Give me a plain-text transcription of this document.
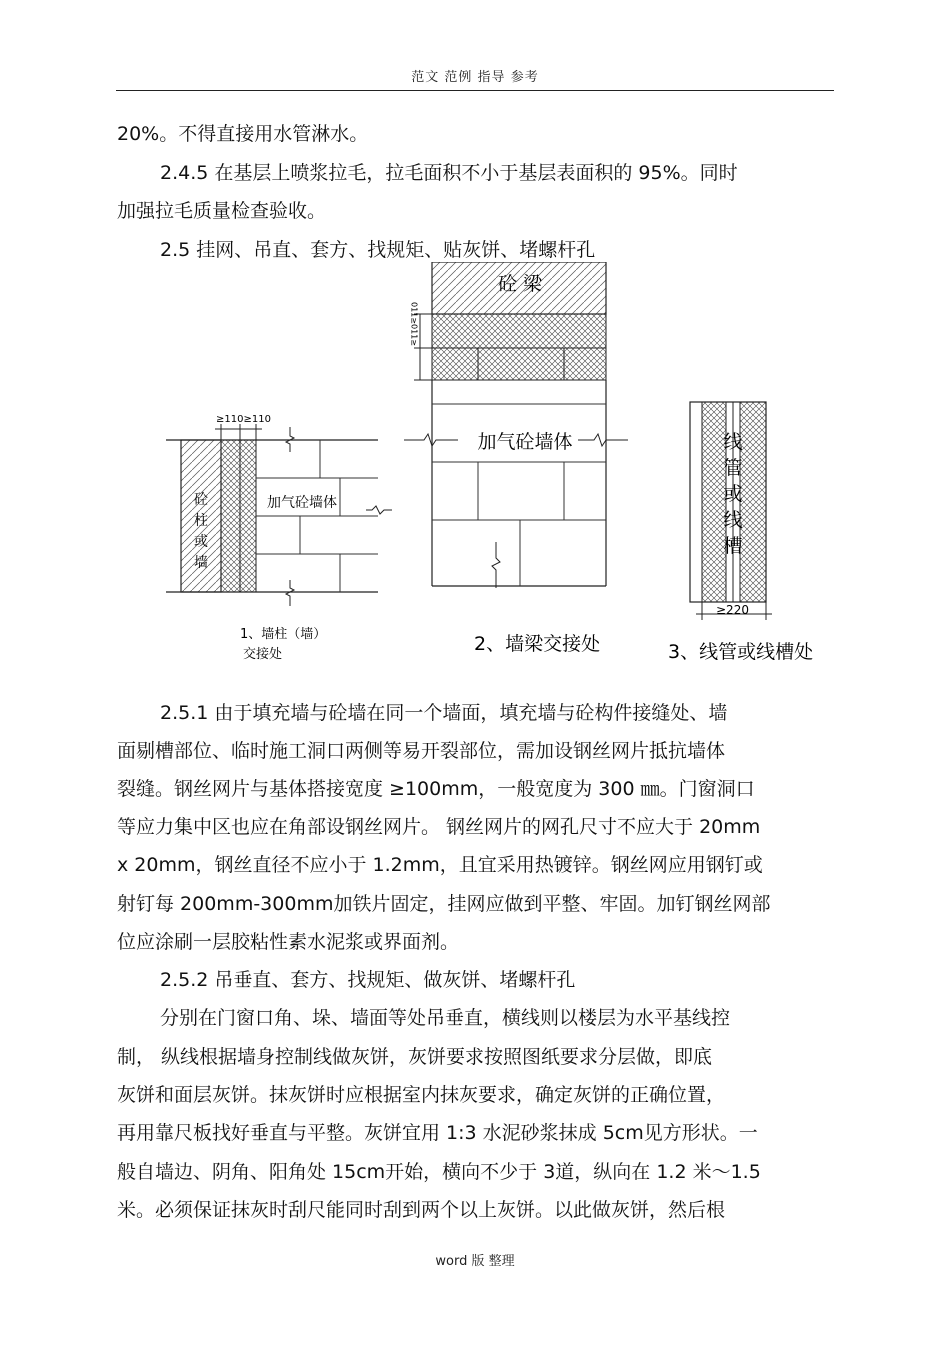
范文 范例 指导 参考
20%。不得直接用水管淋水。
2.4.5 在基层上喷浆拉毛，拉毛面积不小于基层表面积的 95%。同时
加强拉毛质量检查验收。
2.5 挂网、吊直、套方、找规矩、贴灰饼、堵螺杆孔
≥110≥110
砼
柱
或
墙
加气砼墙体
1、墙柱（墙）
交接处
011≥011≥
砼 梁
加气砼墙体
2、墙梁交接处
线
管
或
线
槽
≥220
3、线管或线槽处
2.5.1 由于填充墙与砼墙在同一个墙面，填充墙与砼构件接缝处、墙
面剔槽部位、临时施工洞口两侧等易开裂部位，需加设钢丝网片抵抗墙体
裂缝。钢丝网片与基体搭接宽度 ≥100mm，一般宽度为 300 ㎜。门窗洞口
等应力集中区也应在角部设钢丝网片。 钢丝网片的网孔尺寸不应大于 20mm
x 20mm，钢丝直径不应小于 1.2mm，且宜采用热镀锌。钢丝网应用钢钉或
射钉每 200mm-300mm加铁片固定，挂网应做到平整、牢固。加钉钢丝网部
位应涂刷一层胶粘性素水泥浆或界面剂。
2.5.2 吊垂直、套方、找规矩、做灰饼、堵螺杆孔
分别在门窗口角、垛、墙面等处吊垂直，横线则以楼层为水平基线控
制， 纵线根据墙身控制线做灰饼，灰饼要求按照图纸要求分层做，即底
灰饼和面层灰饼。抹灰饼时应根据室内抹灰要求，确定灰饼的正确位置，
再用靠尺板找好垂直与平整。灰饼宜用 1:3 水泥砂浆抹成 5cm见方形状。一
般自墙边、阴角、阳角处 15cm开始，横向不少于 3道，纵向在 1.2 米～1.5
米。必须保证抹灰时刮尺能同时刮到两个以上灰饼。以此做灰饼，然后根
word 版 整理
